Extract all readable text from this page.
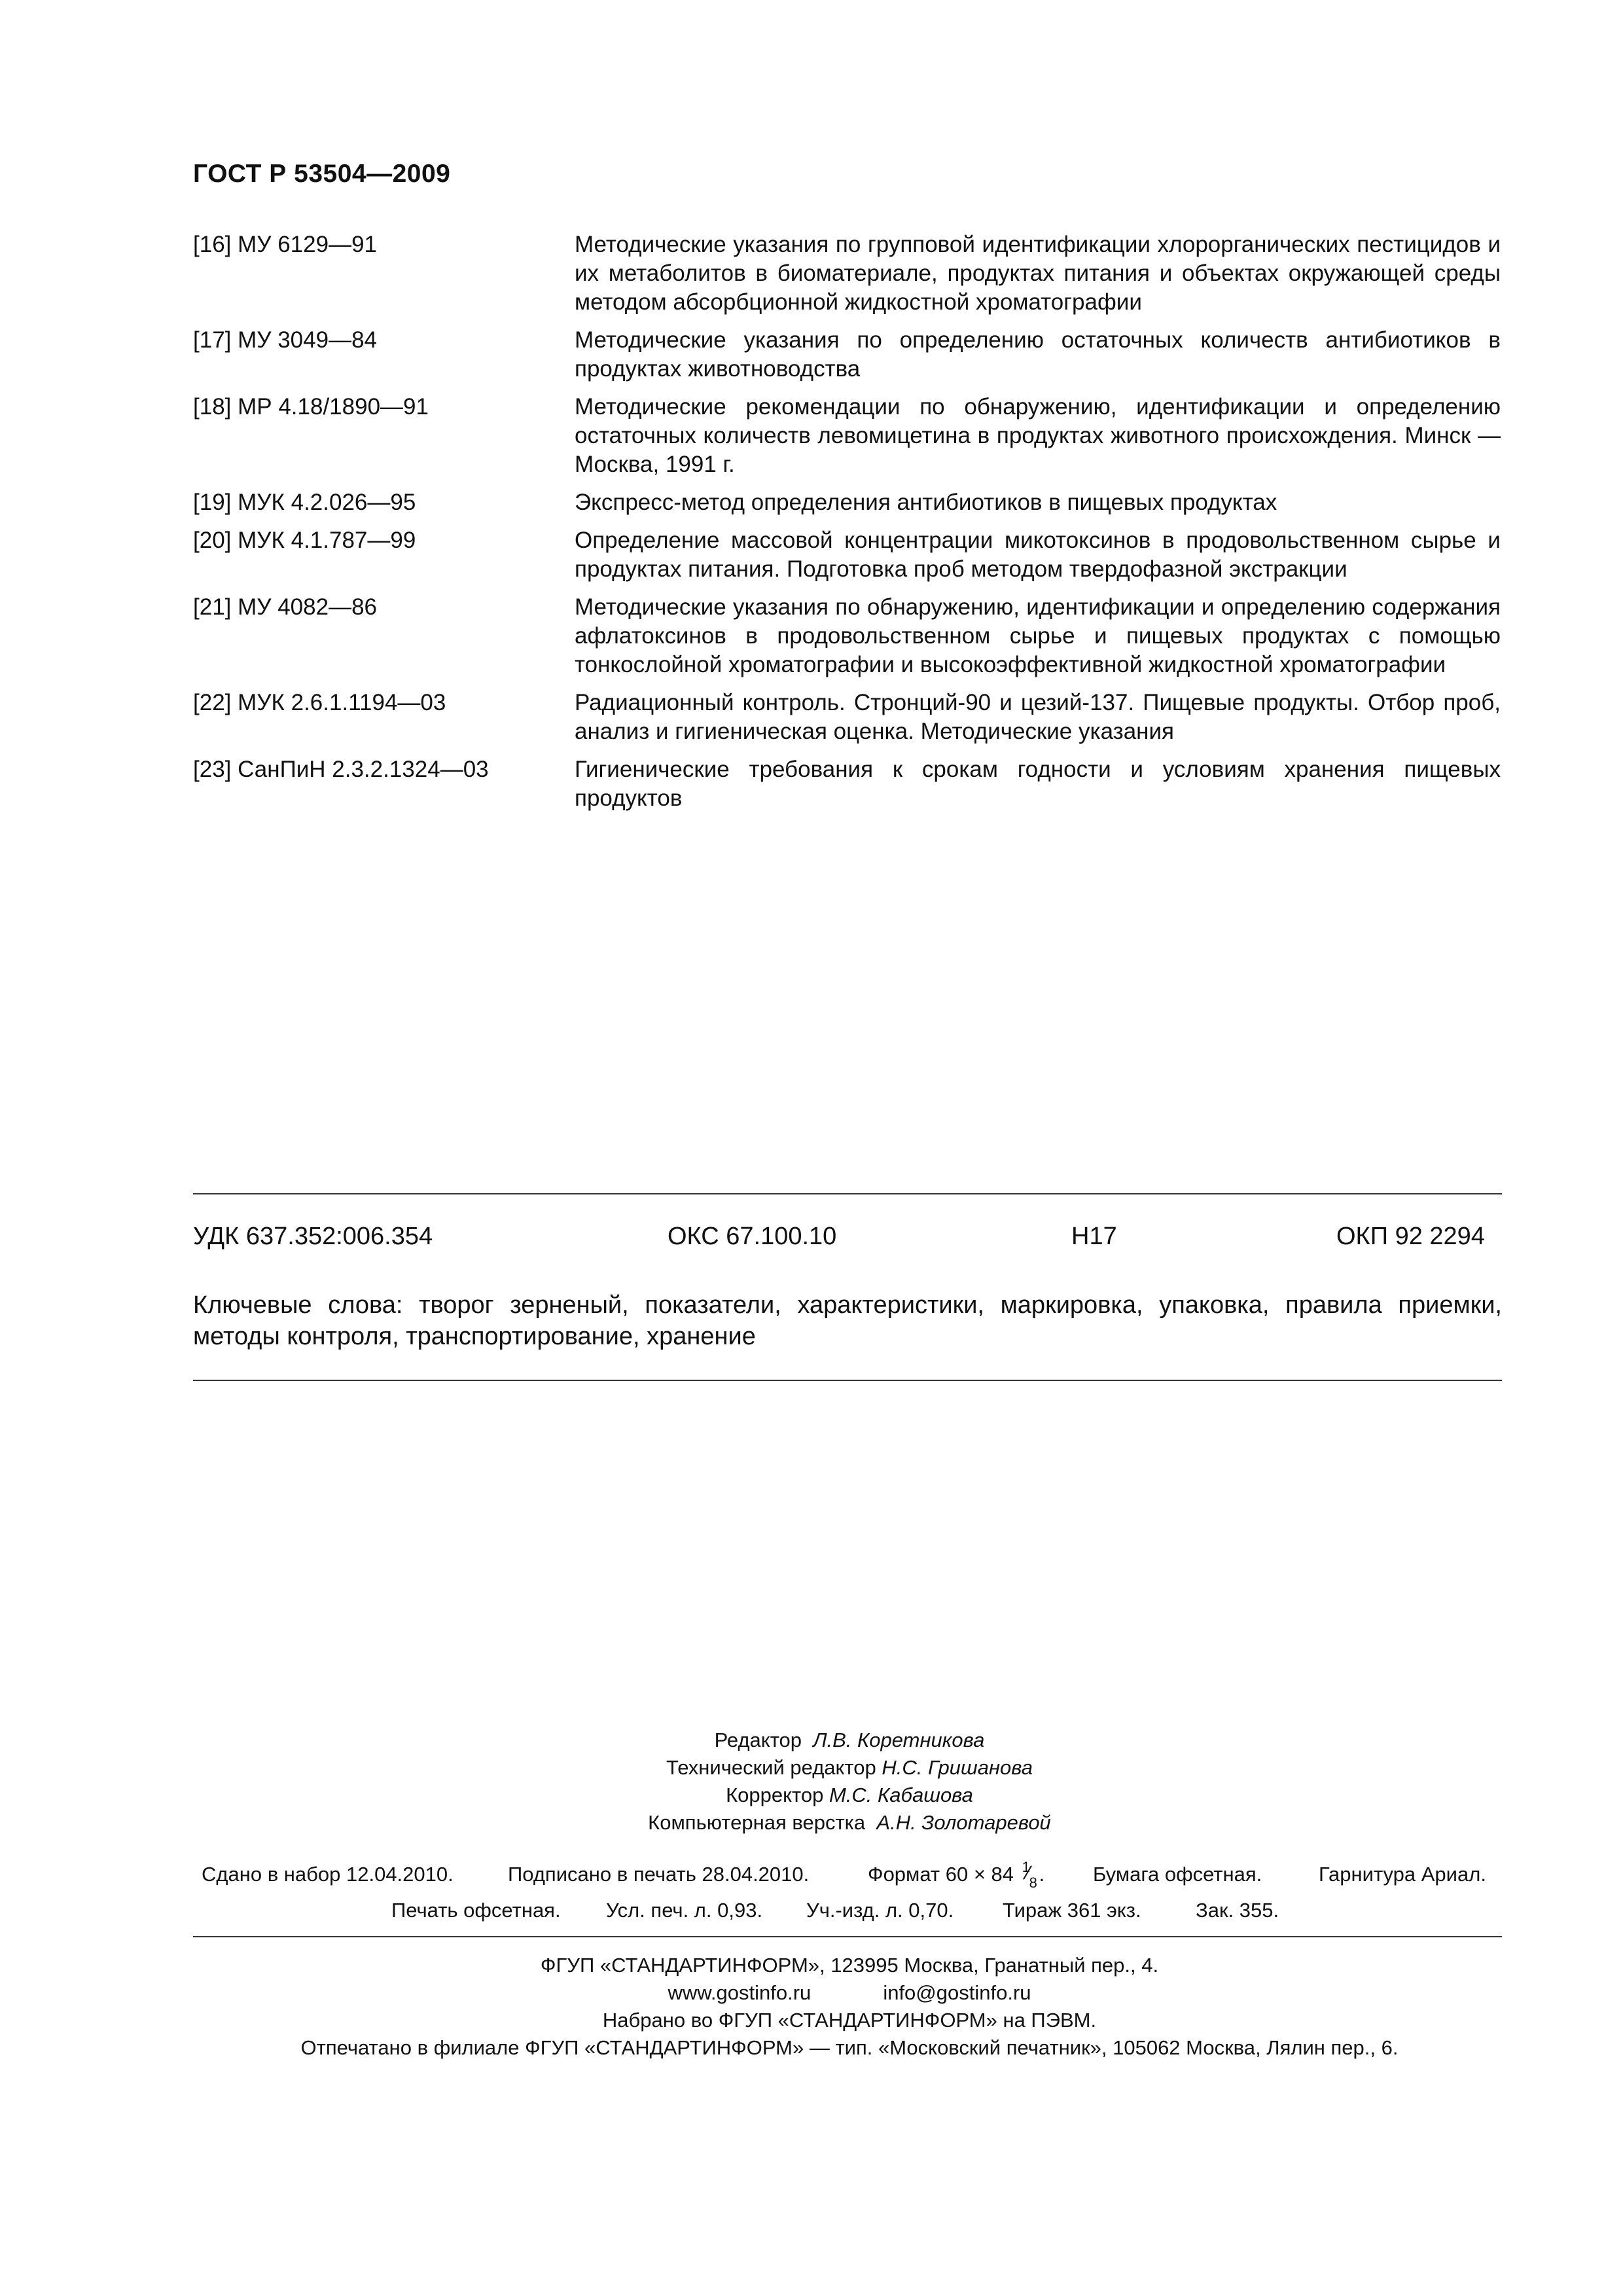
ГОСТ Р 53504—2009
[16] МУ 6129—91	Методические указания по групповой идентификации хлорорганических пестицидов и их метаболитов в биоматериале, продуктах питания и объектах окружающей среды методом абсорбционной жидкостной хроматографии
[17] МУ 3049—84	Методические указания по определению остаточных количеств антибиотиков в продуктах животноводства
[18] МР 4.18/1890—91	Методические рекомендации по обнаружению, идентификации и определению остаточных количеств левомицетина в продуктах животного происхождения. Минск — Москва, 1991 г.
[19] МУК 4.2.026—95	Экспресс-метод определения антибиотиков в пищевых продуктах
[20] МУК 4.1.787—99	Определение массовой концентрации микотоксинов в продовольственном сырье и продуктах питания. Подготовка проб методом твердофазной экстракции
[21] МУ 4082—86	Методические указания по обнаружению, идентификации и определению содержания афлатоксинов в продовольственном сырье и пищевых продуктах с помощью тонкослойной хроматографии и высокоэффективной жидкостной хроматографии
[22] МУК 2.6.1.1194—03	Радиационный контроль. Стронций-90 и цезий-137. Пищевые продукты. Отбор проб, анализ и гигиеническая оценка. Методические указания
[23] СанПиН 2.3.2.1324—03	Гигиенические требования к срокам годности и условиям хранения пищевых продуктов
УДК 637.352:006.354	ОКС 67.100.10	Н17	ОКП 92 2294
Ключевые слова: творог зерненый, показатели, характеристики, маркировка, упаковка, правила приемки, методы контроля, транспортирование, хранение
Редактор Л.В. Коретникова
Технический редактор Н.С. Гришанова
Корректор М.С. Кабашова
Компьютерная верстка А.Н. Золотаревой
Сдано в набор 12.04.2010.	Подписано в печать 28.04.2010.	Формат 60 × 84 1
8 . Бумага офсетная.	Гарнитура Ариал.
Печать офсетная. Усл. печ. л. 0,93. Уч.-изд. л. 0,70. Тираж 361 экз.	Зак. 355.
ФГУП «СТАНДАРТИНФОРМ», 123995 Москва, Гранатный пер., 4.
www.gostinfo.ru	info@gostinfo.ru
Набрано во ФГУП «СТАНДАРТИНФОРМ» на ПЭВМ.
Отпечатано в филиале ФГУП «СТАНДАРТИНФОРМ» — тип. «Московский печатник», 105062 Москва, Лялин пер., 6.
